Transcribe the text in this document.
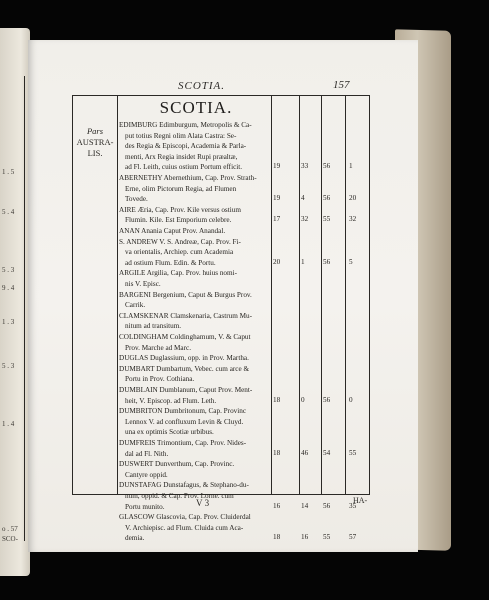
1 . 5
5 . 4
5 . 3
9 . 4
1 . 3
5 . 3
1 . 4
o . 57
SCO-
SCOTIA.	157
Pars
AUSTRA-
LIS.
SCOTIA.
EDIMBURG Edimburgum, Metropolis & Ca-
put totius Regni olim Alata Castra: Se-
des Regia & Episcopi, Academia & Parla-
menti, Arx Regia insidet Rupi præaltæ,
ad Fl. Leith, cuius ostium Portum efficit.	19	33 56	1
ABERNETHY Abernethium, Cap. Prov. Strath-
Erne, olim Pictorum Regia, ad Flumen
Tovede.	19	4	56	20
AIRE Æria, Cap. Prov. Kile versus ostium
Flumin. Kile. Est Emporium celebre.	17	32 55	32
ANAN Anania Caput Prov. Anandal.
S. ANDREW V. S. Andreæ, Cap. Prov. Fi-
va orientalis, Archiep. cum Academia
ad ostium Flum. Edin. & Portu.	20	1	56	5
ARGILE Argilia, Cap. Prov. huius nomi-
nis V. Episc.
BARGENI Bergenium, Caput & Burgus Prov.
Carrik.
CLAMSKENAR Clamskenaria, Castrum Mu-
nitum ad transitum.
COLDINGHAM Coldinghamum, V. & Caput
Prov. Marche ad Marc.
DUGLAS Duglassium, opp. in Prov. Martha.
DUMBART Dumbartum, Vebec. cum arce &
Portu in Prov. Cothiana.
DUMBLAIN Dumblanum, Caput Prov. Ment-
heit, V. Episcop. ad Flum. Leth.	18	0	56	0
DUMBRITON Dumbritonum, Cap. Provinc
Lennox V. ad confluxum Levin & Cluyd.
una ex optimis Scotiæ urbibus.
DUMFREIS Trimontium, Cap. Prov. Nides-
dal ad Fl. Nith.	18	46 54	55
DUSWERT Dunverthum, Cap. Provinc.
Cantyre oppid.
DUNSTAFAG Dunstafagus, & Stephano-du-
num, oppid. & Cap. Prov. Lorne. cum
Portu munito.	16	14 56	35
GLASCOW Glascovia, Cap. Prov. Cluiderdal
V. Archiepisc. ad Flum. Cluida cum Aca-
demia.	18	16 55	57
V 3	HA-
